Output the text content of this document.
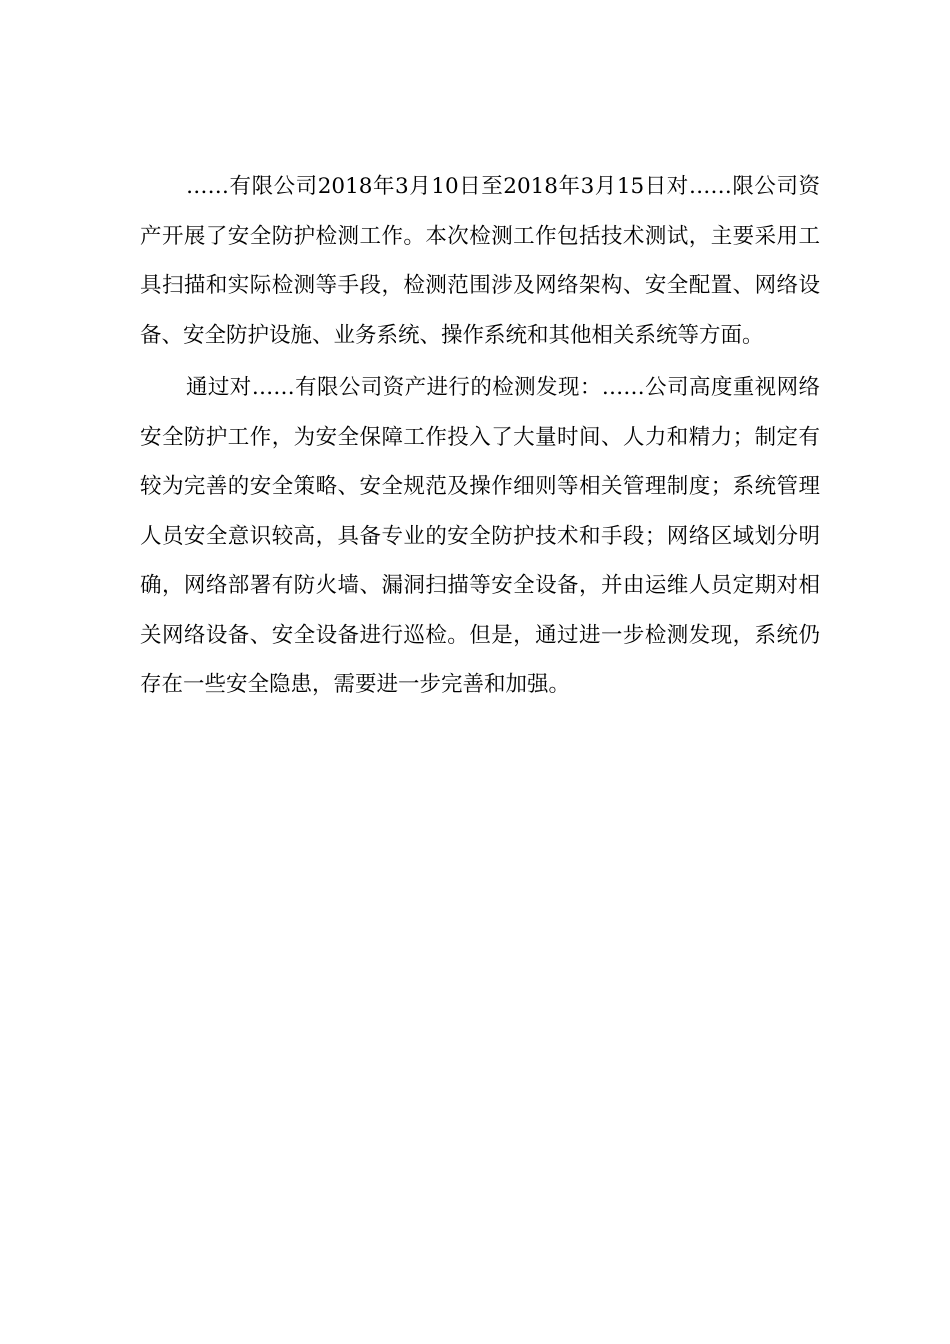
……有限公司2018年3月10日至2018年3月15日对……限公司资产开展了安全防护检测工作。本次检测工作包括技术测试，主要采用工具扫描和实际检测等手段，检测范围涉及网络架构、安全配置、网络设备、安全防护设施、业务系统、操作系统和其他相关系统等方面。

通过对……有限公司资产进行的检测发现：……公司高度重视网络安全防护工作，为安全保障工作投入了大量时间、人力和精力；制定有较为完善的安全策略、安全规范及操作细则等相关管理制度；系统管理人员安全意识较高，具备专业的安全防护技术和手段；网络区域划分明确，网络部署有防火墙、漏洞扫描等安全设备，并由运维人员定期对相关网络设备、安全设备进行巡检。但是，通过进一步检测发现，系统仍存在一些安全隐患，需要进一步完善和加强。
